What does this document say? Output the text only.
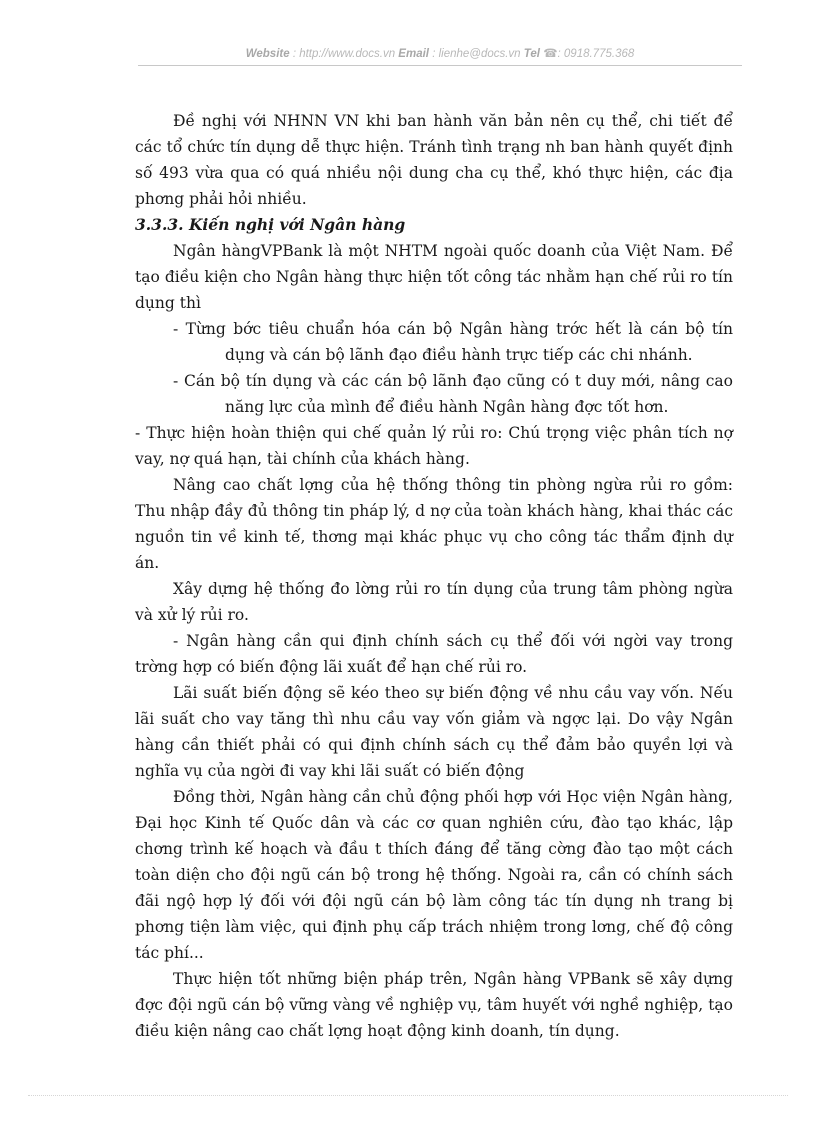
Website : http://www.docs.vn Email : lienhe@docs.vn Tel ☎: 0918.775.368

Đề nghị với NHNN VN khi ban hành văn bản nên cụ thể, chi tiết để các tổ chức tín dụng dễ thực hiện. Tránh tình trạng nh ban hành quyết định số 493 vừa qua có quá nhiều nội dung cha cụ thể, khó thực hiện, các địa phơng phải hỏi nhiều.

3.3.3. Kiến nghị với Ngân hàng

Ngân hàngVPBank là một NHTM ngoài quốc doanh của Việt Nam. Để tạo điều kiện cho Ngân hàng thực hiện tốt công tác nhằm hạn chế rủi ro tín dụng thì

- Từng bớc tiêu chuẩn hóa cán bộ Ngân hàng trớc hết là cán bộ tín dụng và cán bộ lãnh đạo điều hành trực tiếp các chi nhánh.

- Cán bộ tín dụng và các cán bộ lãnh đạo cũng có t duy mới, nâng cao năng lực của mình để điều hành Ngân hàng đợc tốt hơn.

- Thực hiện hoàn thiện qui chế quản lý rủi ro: Chú trọng việc phân tích nợ vay, nợ quá hạn, tài chính của khách hàng.

Nâng cao chất lợng của hệ thống thông tin phòng ngừa rủi ro gồm: Thu nhập đầy đủ thông tin pháp lý, d nợ của toàn khách hàng, khai thác các nguồn tin về kinh tế, thơng mại khác phục vụ cho công tác thẩm định dự án.

Xây dựng hệ thống đo lờng rủi ro tín dụng của trung tâm phòng ngừa và xử lý rủi ro.

- Ngân hàng cần qui định chính sách cụ thể đối với ngời vay trong trờng hợp có biến động lãi xuất để hạn chế rủi ro.

Lãi suất biến động sẽ kéo theo sự biến động về nhu cầu vay vốn. Nếu lãi suất cho vay tăng thì nhu cầu vay vốn giảm và ngợc lại. Do vậy Ngân hàng cần thiết phải có qui định chính sách cụ thể đảm bảo quyền lợi và nghĩa vụ của ngời đi vay khi lãi suất có biến động

Đồng thời, Ngân hàng cần chủ động phối hợp với Học viện Ngân hàng, Đại học Kinh tế Quốc dân và các cơ quan nghiên cứu, đào tạo khác, lập chơng trình kế hoạch và đầu t thích đáng để tăng cờng đào tạo một cách toàn diện cho đội ngũ cán bộ trong hệ thống. Ngoài ra, cần có chính sách đãi ngộ hợp lý đối với đội ngũ cán bộ làm công tác tín dụng nh trang bị phơng tiện làm việc, qui định phụ cấp trách nhiệm trong lơng, chế độ công tác phí...

Thực hiện tốt những biện pháp trên, Ngân hàng VPBank sẽ xây dựng đợc đội ngũ cán bộ vững vàng về nghiệp vụ, tâm huyết với nghề nghiệp, tạo điều kiện nâng cao chất lợng hoạt động kinh doanh, tín dụng.
